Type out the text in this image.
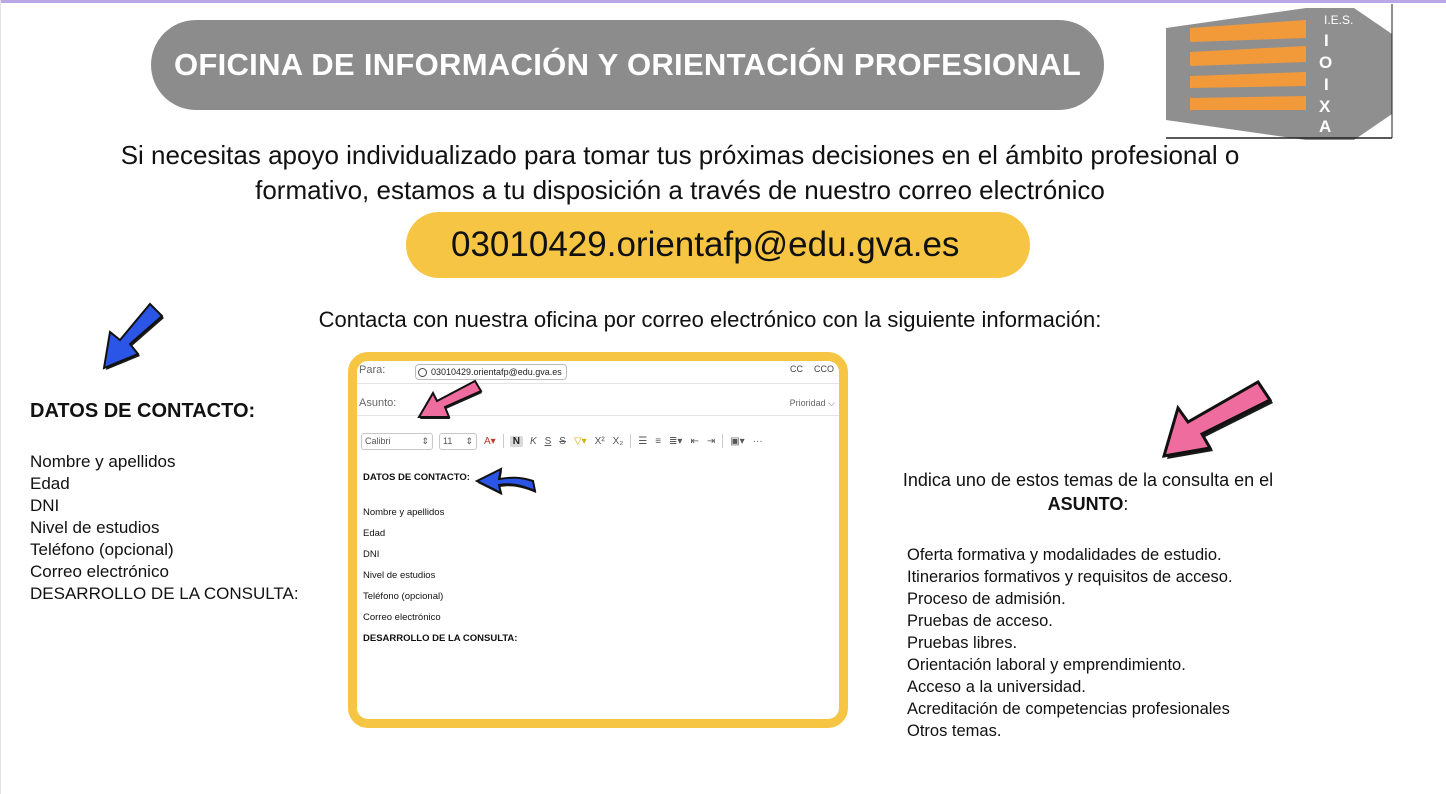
OFICINA DE INFORMACIÓN Y ORIENTACIÓN PROFESIONAL
I.E.S.
I
O
I
X
A
Si necesitas apoyo individualizado para tomar tus próximas decisiones en el ámbito profesional o
formativo, estamos a tu disposición a través de nuestro correo electrónico
03010429.orientafp@edu.gva.es
Contacta con nuestra oficina por correo electrónico con la siguiente información:
DATOS DE CONTACTO:
Nombre y apellidos
Edad
DNI
Nivel de estudios
Teléfono (opcional)
Correo electrónico
DESARROLLO DE LA CONSULTA:
Para:	03010429.orientafp@edu.gva.es	CC CCO
Asunto:	Prioridad ⌵
Calibri	⇕ 11 ⇕ A▾	N	K S S ▽▾ X² X₂ ☰ ≡ ≣▾ ⇤ ⇥ ▣▾ ···
DATOS DE CONTACTO:
Nombre y apellidos
Edad
DNI
Nivel de estudios
Teléfono (opcional)
Correo electrónico
DESARROLLO DE LA CONSULTA:
Indica uno de estos temas de la consulta en el
ASUNTO:
Oferta formativa y modalidades de estudio.
Itinerarios formativos y requisitos de acceso.
Proceso de admisión.
Pruebas de acceso.
Pruebas libres.
Orientación laboral y emprendimiento.
Acceso a la universidad.
Acreditación de competencias profesionales
Otros temas.
